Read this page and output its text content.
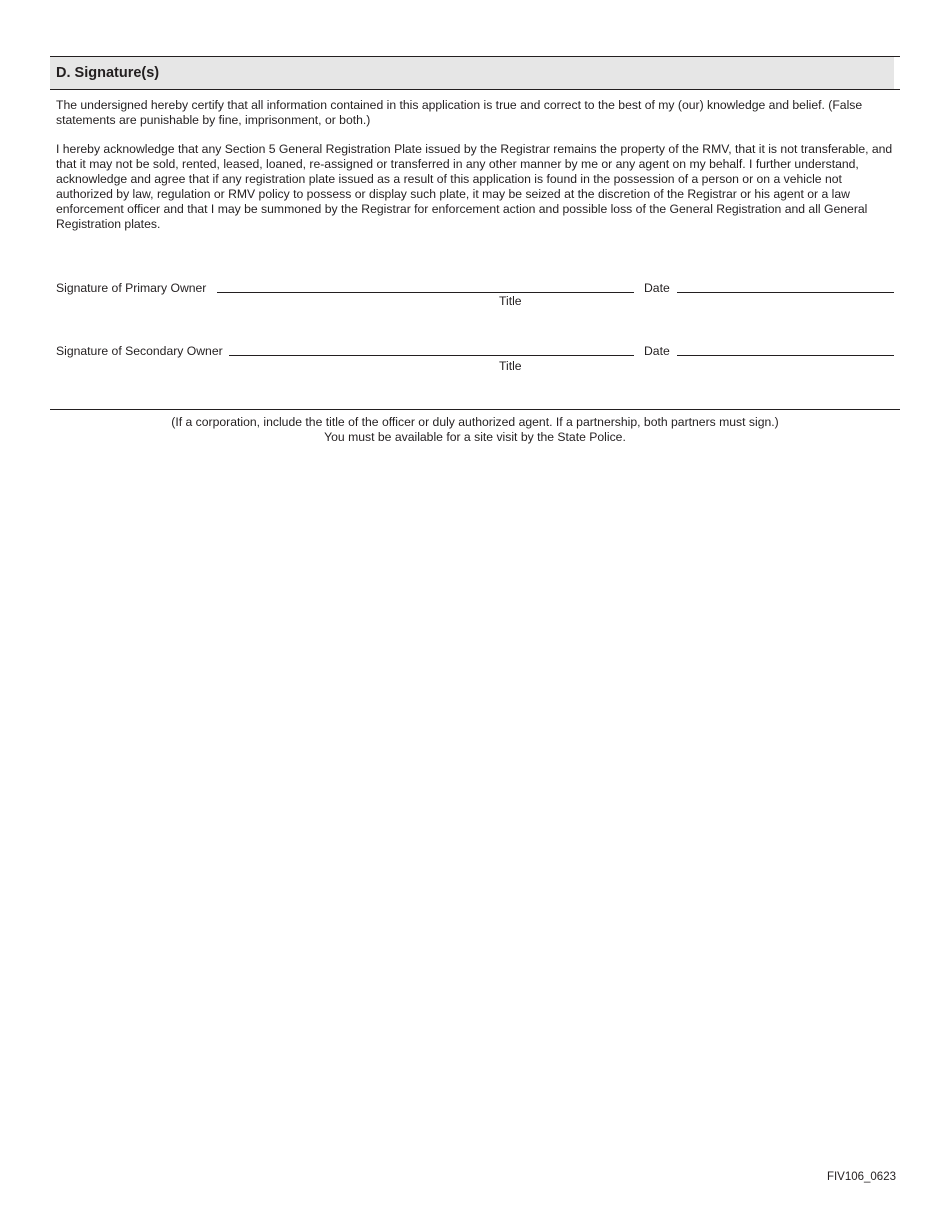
D. Signature(s)

The undersigned hereby certify that all information contained in this application is true and correct to the best of my (our) knowledge and belief. (False statements are punishable by fine, imprisonment, or both.)

I hereby acknowledge that any Section 5 General Registration Plate issued by the Registrar remains the property of the RMV, that it is not transferable, and that it may not be sold, rented, leased, loaned, re-assigned or transferred in any other manner by me or any agent on my behalf. I further understand, acknowledge and agree that if any registration plate issued as a result of this application is found in the possession of a person or on a vehicle not authorized by law, regulation or RMV policy to possess or display such plate, it may be seized at the discretion of the Registrar or his agent or a law enforcement officer and that I may be summoned by the Registrar for enforcement action and possible loss of the General Registration and all General Registration plates.

Signature of Primary Owner	Date
Title
Signature of Secondary Owner	Date
Title
(If a corporation, include the title of the officer or duly authorized agent. If a partnership, both partners must sign.)
You must be available for a site visit by the State Police.
FIV106_0623
